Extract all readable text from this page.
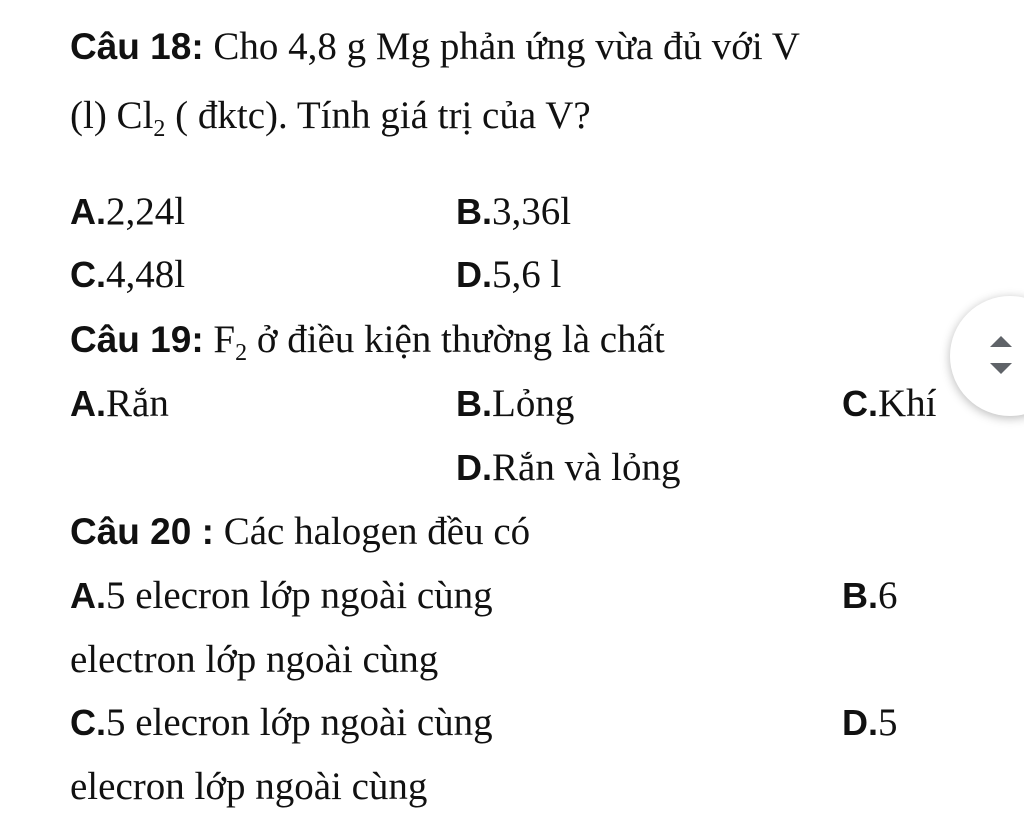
Câu 18: Cho 4,8 g Mg phản ứng vừa đủ với V
(l) $Cl_2$ ( đktc). Tính giá trị của V?
A.2,24l	B.3,36l
C.4,48l	D.5,6 l
Câu 19: $F_2$ ở điều kiện thường là chất
A.Rắn	B.Lỏng	C.Khí
D.Rắn và lỏng
Câu 20 : Các halogen đều có
A.5 elecron lớp ngoài cùng	B.6
electron lớp ngoài cùng
C.5 elecron lớp ngoài cùng	D.5
elecron lớp ngoài cùng
